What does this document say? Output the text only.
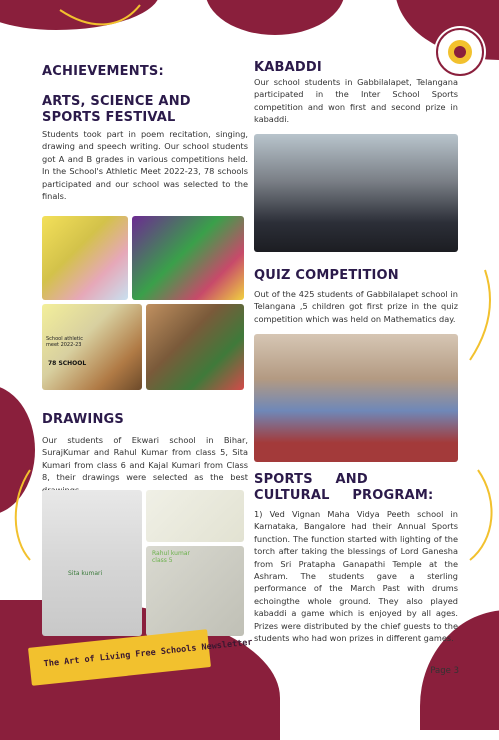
ACHIEVEMENTS:
ARTS, SCIENCE AND SPORTS FESTIVAL

Students took part in poem recitation, singing, drawing and speech writing. Our school students got A and B grades in various competitions held. In the School's Athletic Meet 2022-23, 78 schools participated and our school was selected to the finals.

School athletic meet 2022-23
78 SCHOOL
DRAWINGS

Our students of Ekwari school in Bihar, SurajKumar and Rahul Kumar from class 5, Sita Kumari from class 6 and Kajal Kumari from Class 8, their drawings were selected as the best

Sita kumari
Rahul kumar class 5
KABADDI

Our school students in Gabbilalapet, Telangana participated in the Inter School Sports competition and won first and second prize in kabaddi.

QUIZ COMPETITION

Out of the 425 students of Gabbilalapet school in Telangana ,5 children got first prize in the quiz competition which was held on Mathematics day.

SPORTS AND CULTURAL PROGRAM:

1) Ved Vignan Maha Vidya Peeth school in Karnataka, Bangalore had their Annual Sports function. The function started with lighting of the torch after taking the blessings of Lord Ganesha from Sri Pratapha Ganapathi Temple at the Ashram. The students gave a sterling performance of the March Past with drums echoingthe whole ground. They also played kabaddi a game which is enjoyed by all ages. Prizes were distributed by the chief guests to the students who had won prizes in different games.

The Art of Living Free Schools Newsletter
Page 3
